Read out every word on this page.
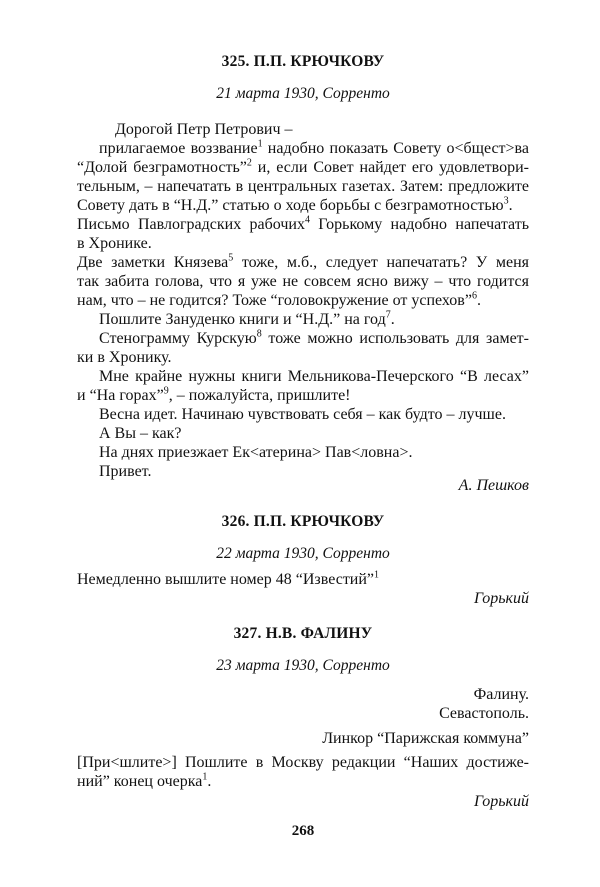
325. П.П. КРЮЧКОВУ
21 марта 1930, Сорренто
Дорогой Петр Петрович –
прилагаемое воззвание$^1$ надобно показать Совету о<бщест>ва
“Долой безграмотность”$^2$ и, если Совет найдет его удовлетвори-
тельным, – напечатать в центральных газетах. Затем: предложите
Совету дать в “Н.Д.” статью о ходе борьбы с безграмотностью$^3$.
Письмо Павлоградских рабочих$^4$ Горькому надобно напечатать
в Хронике.
Две заметки Князева$^5$ тоже, м.б., следует напечатать? У меня
так забита голова, что я уже не совсем ясно вижу – что годится
нам, что – не годится? Тоже “головокружение от успехов”$^6$.
Пошлите Зануденко книги и “Н.Д.” на год$^7$.
Стенограмму Курскую$^8$ тоже можно использовать для замет-
ки в Хронику.
Мне крайне нужны книги Мельникова-Печерского “В лесах”
и “На горах”$^9$, – пожалуйста, пришлите!
Весна идет. Начинаю чувствовать себя – как будто – лучше.
А Вы – как?
На днях приезжает Ек<атерина> Пав<ловна>.
Привет.
А. Пешков
326. П.П. КРЮЧКОВУ
22 марта 1930, Сорренто
Немедленно вышлите номер 48 “Известий”$^1$
Горький
327. Н.В. ФАЛИНУ
23 марта 1930, Сорренто
Фалину.
Севастополь.
Линкор “Парижская коммуна”
[При<шлите>] Пошлите в Москву редакции “Наших достиже-
ний” конец очерка$^1$.
Горький
268
